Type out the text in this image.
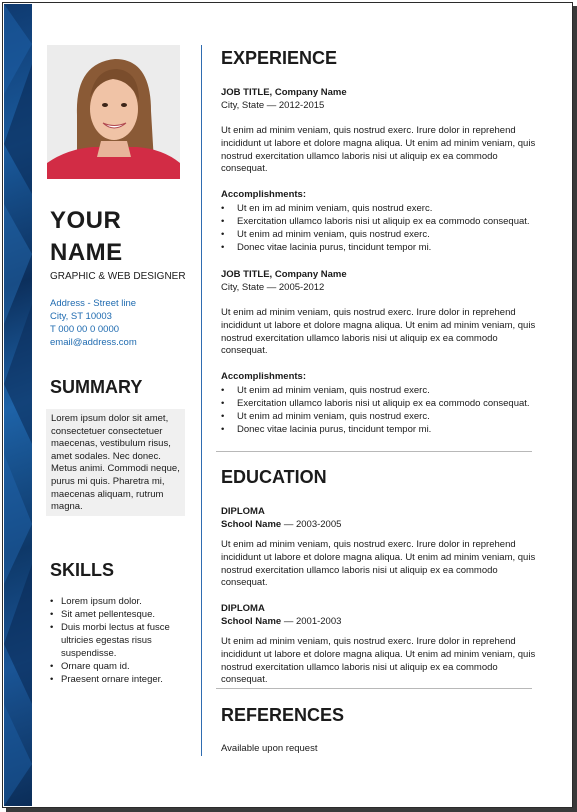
YOUR
NAME
GRAPHIC & WEB DESIGNER
Address - Street line
City, ST 10003
T 000 00 0 0000
email@address.com
SUMMARY
Lorem ipsum dolor sit amet, consectetuer consectetuer maecenas, vestibulum risus, amet sodales. Nec donec. Metus animi. Commodi neque, purus mi quis. Pharetra mi, maecenas aliquam, rutrum magna.
SKILLS
• Lorem ipsum dolor.
• Sit amet pellentesque.
• Duis morbi lectus at fusce ultricies egestas risus suspendisse.
• Ornare quam id.
• Praesent ornare integer.
EXPERIENCE
JOB TITLE, Company Name
City, State — 2012-2015
Ut enim ad minim veniam, quis nostrud exerc. Irure dolor in reprehend incididunt ut labore et dolore magna aliqua. Ut enim ad minim veniam, quis nostrud exercitation ullamco laboris nisi ut aliquip ex ea commodo consequat.
Accomplishments:
• Ut en im ad minim veniam, quis nostrud exerc.
• Exercitation ullamco laboris nisi ut aliquip ex ea commodo consequat.
• Ut enim ad minim veniam, quis nostrud exerc.
• Donec vitae lacinia purus, tincidunt tempor mi.
JOB TITLE, Company Name
City, State — 2005-2012
Ut enim ad minim veniam, quis nostrud exerc. Irure dolor in reprehend incididunt ut labore et dolore magna aliqua. Ut enim ad minim veniam, quis nostrud exercitation ullamco laboris nisi ut aliquip ex ea commodo consequat.
Accomplishments:
• Ut enim ad minim veniam, quis nostrud exerc.
• Exercitation ullamco laboris nisi ut aliquip ex ea commodo consequat.
• Ut enim ad minim veniam, quis nostrud exerc.
• Donec vitae lacinia purus, tincidunt tempor mi.
EDUCATION
DIPLOMA
School Name — 2003-2005
Ut enim ad minim veniam, quis nostrud exerc. Irure dolor in reprehend incididunt ut labore et dolore magna aliqua. Ut enim ad minim veniam, quis nostrud exercitation ullamco laboris nisi ut aliquip ex ea commodo consequat.
DIPLOMA
School Name — 2001-2003
Ut enim ad minim veniam, quis nostrud exerc. Irure dolor in reprehend incididunt ut labore et dolore magna aliqua. Ut enim ad minim veniam, quis nostrud exercitation ullamco laboris nisi ut aliquip ex ea commodo consequat.
REFERENCES
Available upon request
